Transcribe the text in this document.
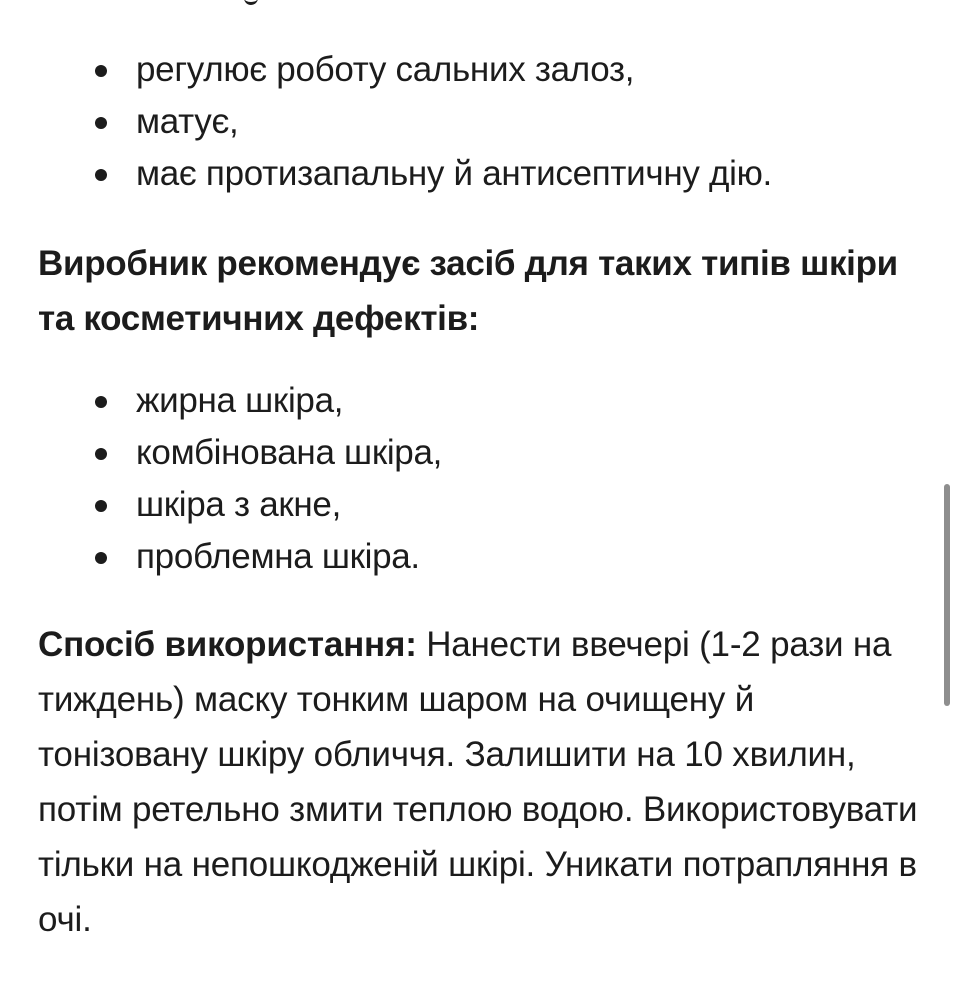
регулює роботу сальних залоз,
матує,
має протизапальну й антисептичну дію.
Виробник рекомендує засіб для таких типів шкіри та косметичних дефектів:
жирна шкіра,
комбінована шкіра,
шкіра з акне,
проблемна шкіра.

Спосіб використання: Нанести ввечері (1-2 рази на тиждень) маску тонким шаром на очищену й тонізовану шкіру обличчя. Залишити на 10 хвилин, потім ретельно змити теплою водою. Використовувати тільки на непошкодженій шкірі. Уникати потрапляння в очі.
